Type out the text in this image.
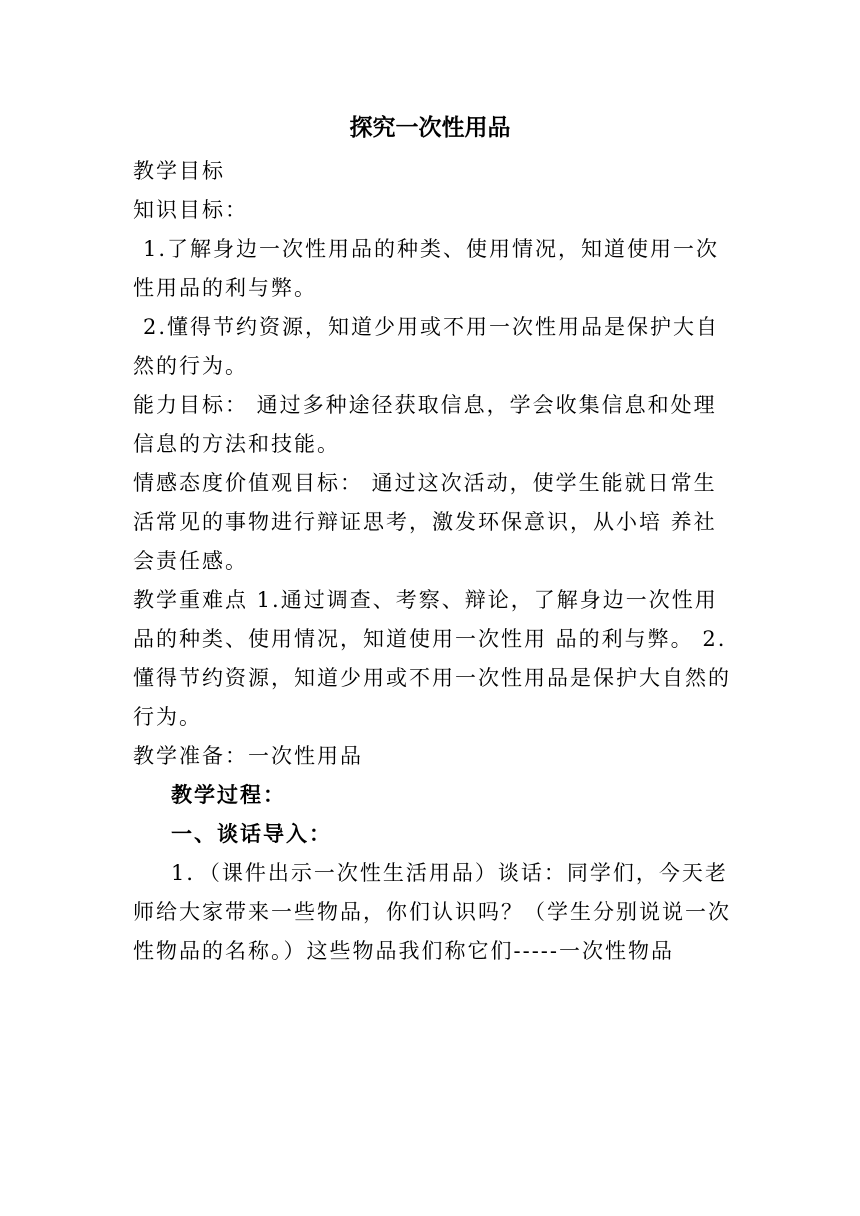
探究一次性用品
教学目标
知识目标：
1.了解身边一次性用品的种类、使用情况，知道使用一次
性用品的利与弊。
2.懂得节约资源，知道少用或不用一次性用品是保护大自
然的行为。
能力目标： 通过多种途径获取信息，学会收集信息和处理
信息的方法和技能。
情感态度价值观目标： 通过这次活动，使学生能就日常生
活常见的事物进行辩证思考，激发环保意识，从小培 养社
会责任感。
教学重难点 1.通过调查、考察、辩论，了解身边一次性用
品的种类、使用情况，知道使用一次性用 品的利与弊。 2.
懂得节约资源，知道少用或不用一次性用品是保护大自然的
行为。
教学准备：一次性用品
教学过程：
一、谈话导入：
1．（课件出示一次性生活用品）谈话：同学们，今天老
师给大家带来一些物品，你们认识吗？（学生分别说说一次
性物品的名称。）这些物品我们称它们-----一次性物品
